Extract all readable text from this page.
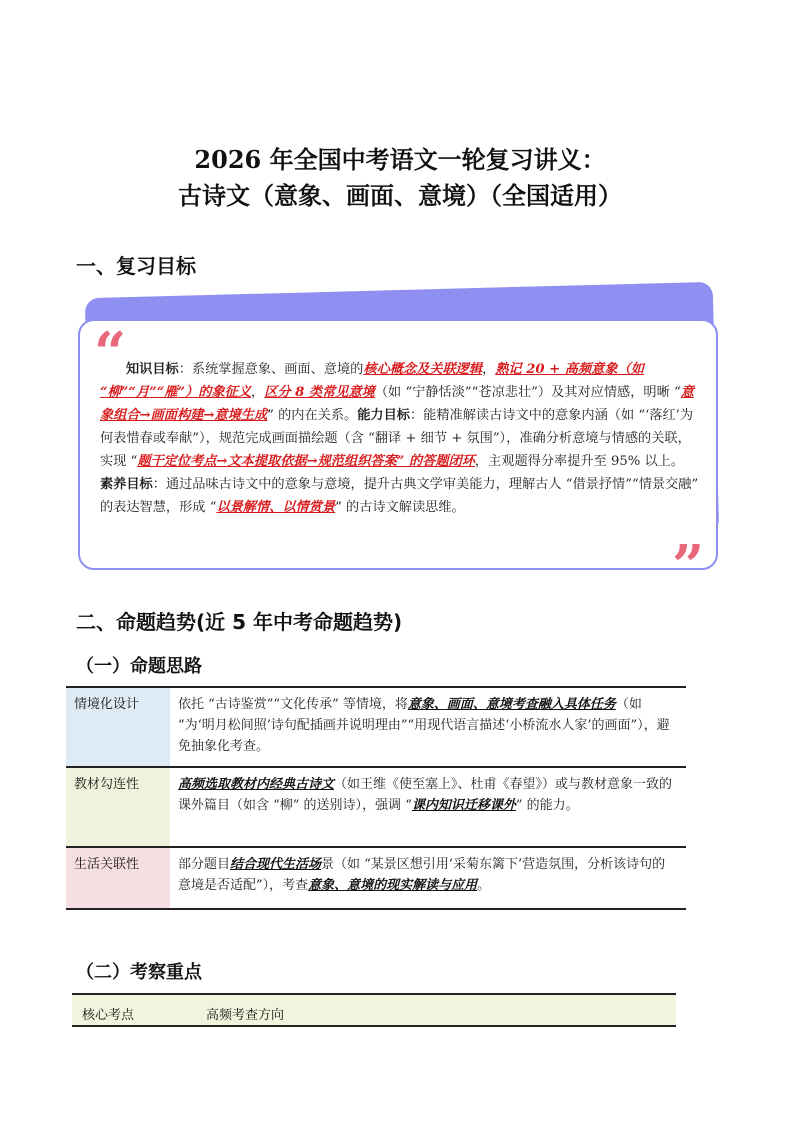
2026 年全国中考语文一轮复习讲义：
古诗文（意象、画面、意境）（全国适用）
一、复习目标
“
”
知识目标：系统掌握意象、画面、意境的核心概念及关联逻辑，熟记 20 + 高频意象（如 “柳”“月”“雁”）的象征义，区分 8 类常见意境（如 “宁静恬淡”“苍凉悲壮”）及其对应情感，明晰 “意象组合→画面构建→意境生成” 的内在关系。能力目标：能精准解读古诗文中的意象内涵（如 “‘落红’为何表惜春或奉献”），规范完成画面描绘题（含 “翻译 + 细节 + 氛围”），准确分析意境与情感的关联，实现 “题干定位考点→文本提取依据→规范组织答案” 的答题闭环，主观题得分率提升至 95% 以上。
素养目标：通过品味古诗文中的意象与意境，提升古典文学审美能力，理解古人 “借景抒情”“情景交融” 的表达智慧，形成 “以景解情、以情赏景” 的古诗文解读思维。
二、命题趋势(近 5 年中考命题趋势)
（一）命题思路
情境化设计	依托 “古诗鉴赏”“文化传承” 等情境，将意象、画面、意境考查融入具体任务（如 “为‘明月松间照’诗句配插画并说明理由”“用现代语言描述‘小桥流水人家’的画面”），避免抽象化考查。
教材勾连性	高频选取教材内经典古诗文（如王维《使至塞上》、杜甫《春望》）或与教材意象一致的课外篇目（如含 “柳” 的送别诗），强调 “课内知识迁移课外” 的能力。
生活关联性	部分题目结合现代生活场景（如 “某景区想引用‘采菊东篱下’营造氛围，分析该诗句的意境是否适配”），考查意象、意境的现实解读与应用。
（二）考察重点
核心考点	高频考查方向
